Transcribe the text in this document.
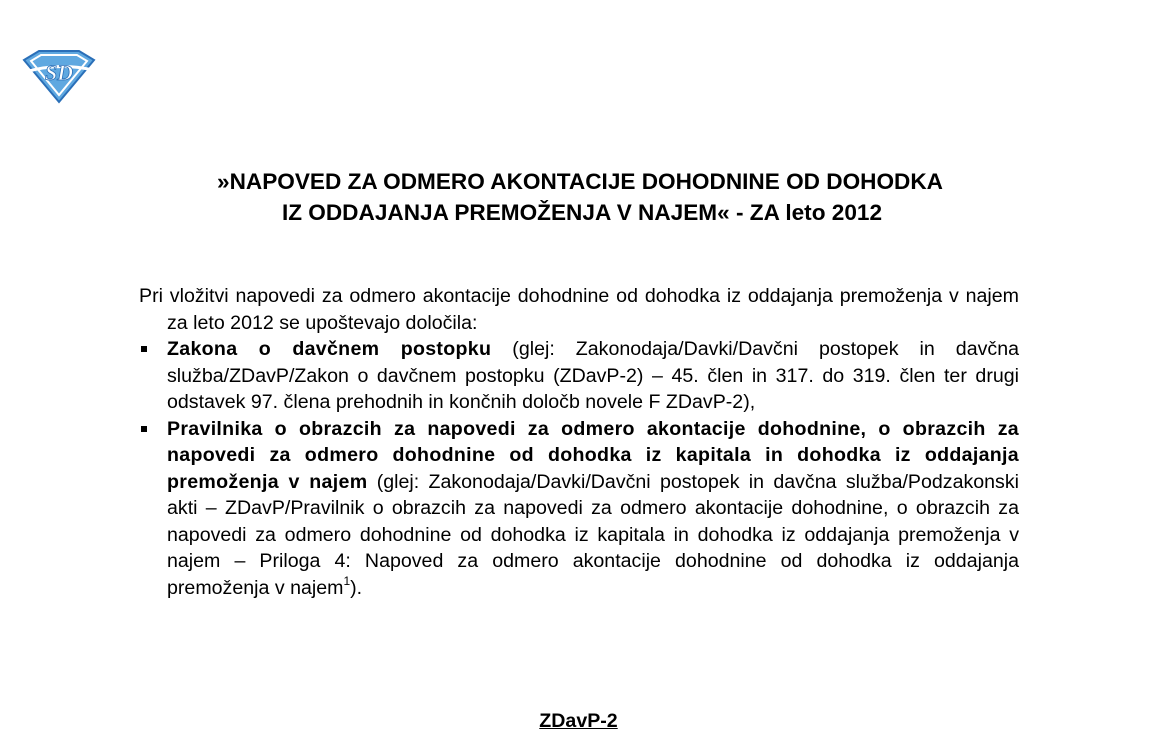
SD
»NAPOVED ZA ODMERO AKONTACIJE DOHODNINE OD DOHODKA
IZ ODDAJANJA PREMOŽENJA V NAJEM« - ZA leto 2012

Pri vložitvi napovedi za odmero akontacije dohodnine od dohodka iz oddajanja premoženja v najem za leto 2012 se upoštevajo določila:

Zakona o davčnem postopku (glej: Zakonodaja/Davki/Davčni postopek in davčna služba/ZDavP/Zakon o davčnem postopku (ZDavP-2) – 45. člen in 317. do 319. člen ter drugi odstavek 97. člena prehodnih in končnih določb novele F ZDavP-2),
Pravilnika o obrazcih za napovedi za odmero akontacije dohodnine, o obrazcih za napovedi za odmero dohodnine od dohodka iz kapitala in dohodka iz oddajanja premoženja v najem (glej: Zakonodaja/Davki/Davčni postopek in davčna služba/Podzakonski akti – ZDavP/Pravilnik o obrazcih za napovedi za odmero akontacije dohodnine, o obrazcih za napovedi za odmero dohodnine od dohodka iz kapitala in dohodka iz oddajanja premoženja v najem – Priloga 4: Napoved za odmero akontacije dohodnine od dohodka iz oddajanja premoženja v najem$^1$).
ZDavP-2
